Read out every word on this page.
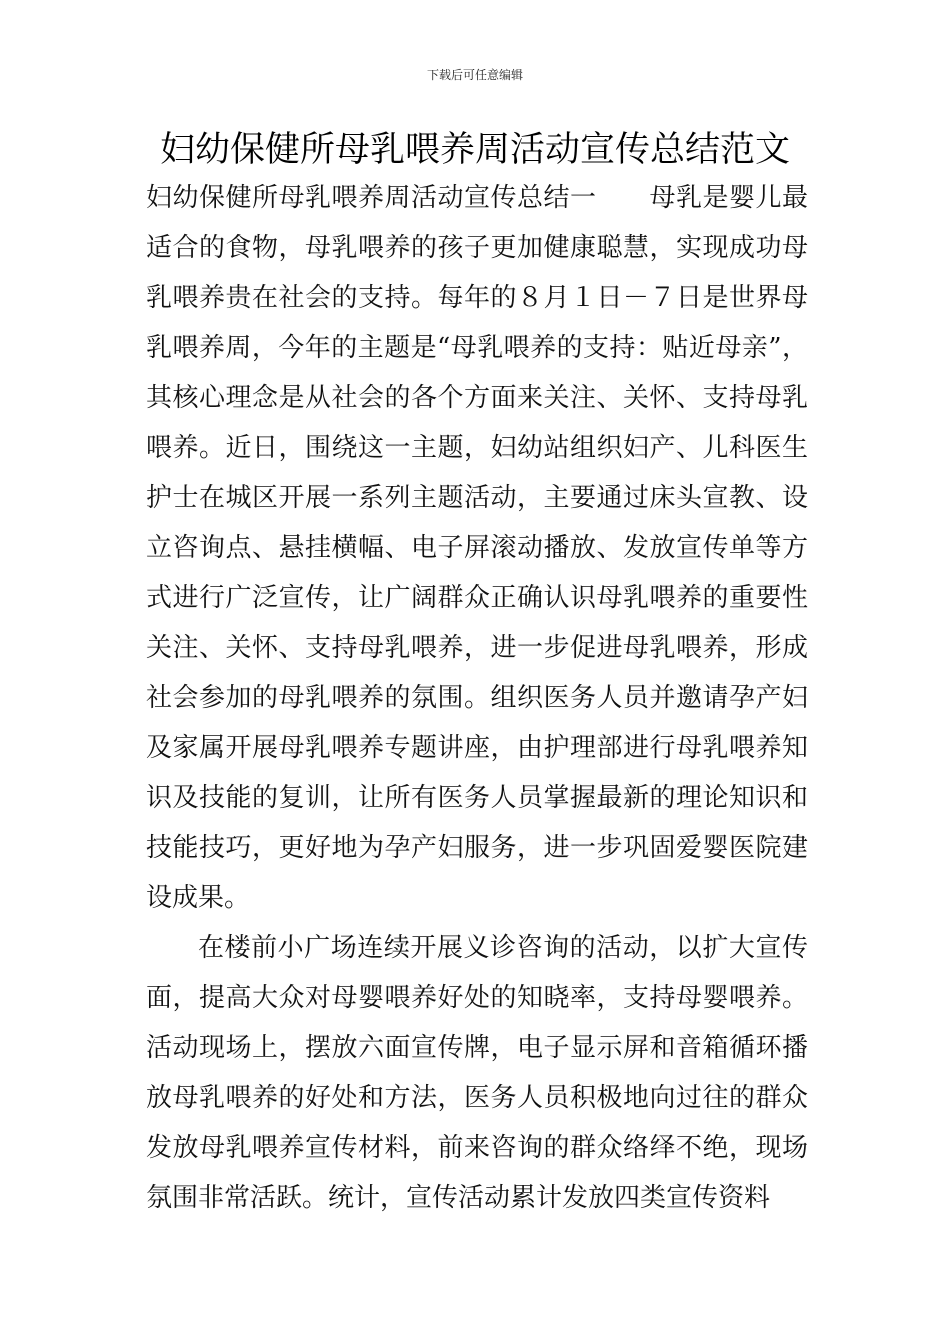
下载后可任意编辑
妇幼保健所母乳喂养周活动宣传总结范文

妇幼保健所母乳喂养周活动宣传总结一　　母乳是婴儿最适合的食物，母乳喂养的孩子更加健康聪慧，实现成功母乳喂养贵在社会的支持。每年的８月１日－７日是世界母乳喂养周，今年的主题是“母乳喂养的支持：贴近母亲”，其核心理念是从社会的各个方面来关注、关怀、支持母乳喂养。近日，围绕这一主题，妇幼站组织妇产、儿科医生护士在城区开展一系列主题活动，主要通过床头宣教、设立咨询点、悬挂横幅、电子屏滚动播放、发放宣传单等方式进行广泛宣传，让广阔群众正确认识母乳喂养的重要性关注、关怀、支持母乳喂养，进一步促进母乳喂养，形成社会参加的母乳喂养的氛围。组织医务人员并邀请孕产妇及家属开展母乳喂养专题讲座，由护理部进行母乳喂养知识及技能的复训，让所有医务人员掌握最新的理论知识和技能技巧，更好地为孕产妇服务，进一步巩固爱婴医院建设成果。

在楼前小广场连续开展义诊咨询的活动，以扩大宣传面，提高大众对母婴喂养好处的知晓率，支持母婴喂养。活动现场上，摆放六面宣传牌，电子显示屏和音箱循环播放母乳喂养的好处和方法，医务人员积极地向过往的群众发放母乳喂养宣传材料，前来咨询的群众络绎不绝，现场氛围非常活跃。统计，宣传活动累计发放四类宣传资料
